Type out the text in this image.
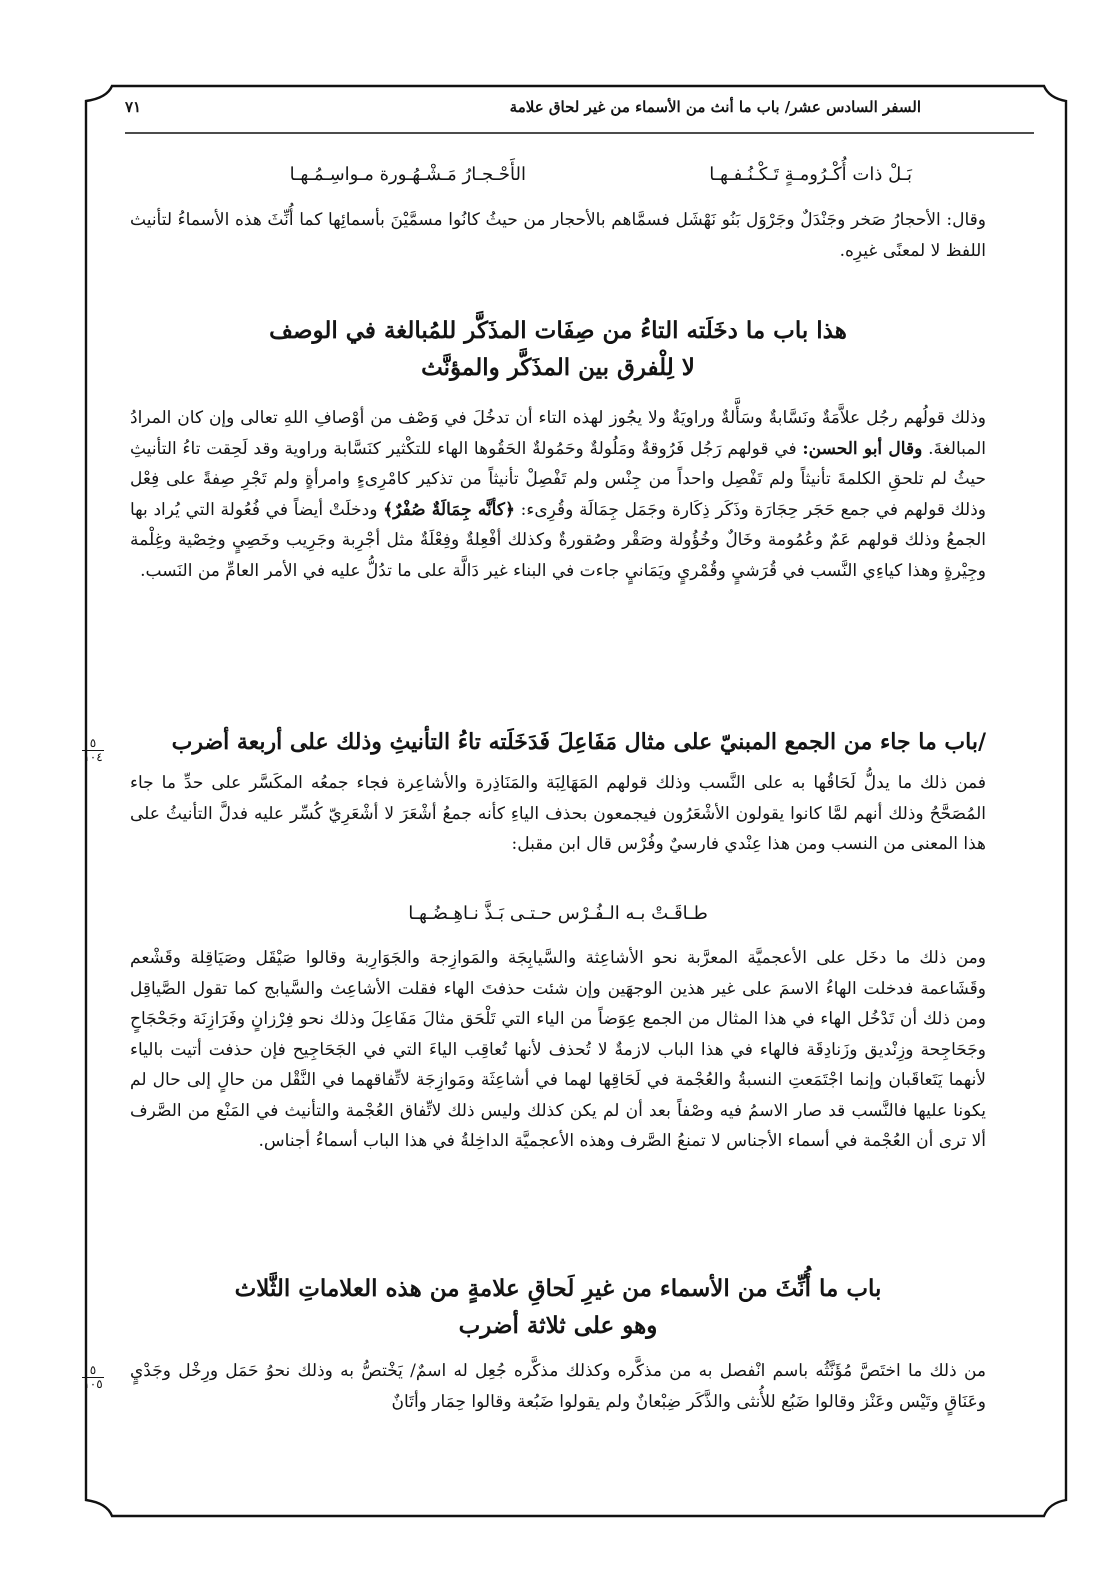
السفر السادس عشر/ باب ما أنث من الأسماء من غير لحاق علامة
٧١
بَـلْ ذات أُكْـرُومـةٍ تَـكْـنُـفـهـا
الأَحْـجـارُ مَـشْـهُـورة مـواسِـمُـهـا
وقال: الأحجارُ صَخر وجَنْدَلٌ وجَرْوَل بَنُو نَهْشَل فسمَّاهم بالأحجار من حيثُ كانُوا مسمَّيْنَ بأسمائِها كما أُنِّثَ هذه الأسماءُ لتأنيث اللفظ لا لمعنًى غيرِه.
هذا باب ما دخَلَته التاءُ من صِفَات المذَكَّر للمُبالغة في الوصف
لا لِلْفرق بين المذَكَّر والمؤنَّث
وذلك قولُهم رجُل علاَّمَةٌ ونَسَّابةٌ وسَأَّلةٌ وراويَةٌ ولا يجُوز لهذه التاء أن تدخُلَ في وَصْف من أوْصافِ اللهِ تعالى وإن كان المرادُ المبالغةَ. وقال أبو الحسن: في قولهم رَجُل فَرُوقةٌ ومَلُولةٌ وحَمُولةٌ الحَقُوها الهاء للتكْثير كنَسَّابة وراوية وقد لَحِقت تاءُ التأنيثِ حيثُ لم تلحقِ الكلمةَ تأنيثاً ولم تَفْصِل واحداً من جِنْس ولم تَفْصِلْ تأنيثاً من تذكير كامْرِىءٍ وامرأةٍ ولم تَجْرِ صِفةً على فِعْل وذلك قولهم في جمع حَجَر حِجَارَة وذَكَر ذِكَارة وجَمَل جِمَالَة وقُرِىء: ﴿كأنَّه جِمَالَةٌ صُفْرٌ﴾ ودخلَتْ أيضاً في فُعُولة التي يُراد بها الجمعُ وذلك قولهم عَمٌ وعُمُومة وخَالٌ وخُؤُولة وصَقْر وصُقورةٌ وكذلك أفْعِلةٌ وفِعْلَةٌ مثل أجْرِبة وجَرِيب وخَصِيٍ وخِصْية وغِلْمة وجِيْرةٍ وهذا كياءِي النَّسب في قُرَشيٍ وقُمْريٍ ويَمَانيٍ جاءت في البناء غير دَالَّة على ما تدُلُّ عليه في الأمر العامِّ من النَسب.
/باب ما جاء من الجمع المبنيّ على مثال مَفَاعِلَ فَدَخَلَته تاءُ التأنيثِ وذلك على أربعة أضرب
٥
١٠٤
فمن ذلك ما يدلُّ لَحَاقُها به على النَّسب وذلك قولهم المَهَالِبَة والمَنَاذِرة والأشاعِرة فجاء جمعُه المكَسَّر على حدِّ ما جاء المُصَحَّحُ وذلك أنهم لمَّا كانوا يقولون الأشْعَرُون فيجمعون بحذف الياءِ كأنه جمعُ أشْعَرَ لا أشْعَرِيّ كُسِّر عليه فدلَّ التأنيثُ على هذا المعنى من النسب ومن هذا عِنْدي فارسيٌ وفُرْس قال ابن مقبل:
طـاقَـتْ بـه الـفُـرْس حـتـى بَـذَّ نـاهِـضُـهـا
ومن ذلك ما دخَل على الأعجميَّة المعرَّبة نحو الأشاعِثة والسَّيابِجَة والمَوازِجة والجَوَارِبة وقالوا صَيْقَل وصَيَاقِلة وقَشْعم وقَشَاعمة فدخلت الهاءُ الاسمَ على غير هذين الوجهَين وإن شئت حذفتَ الهاء فقلت الأشاعِث والسَّيابج كما تقول الصَّياقِل ومن ذلك أن تَدْخُل الهاء في هذا المثال من الجمع عِوَضاً من الياء التي تَلْحَق مثالَ مَفَاعِلَ وذلك نحو فِرْزانٍ وفَرَازِنَة وجَحْجَاحٍ وجَحَاجِحة وزِنْديق وزَنادِقَة فالهاء في هذا الباب لازمةٌ لا تُحذف لأنها تُعاقِب الياءَ التي في الجَحَاجِيح فإن حذفت أتيت بالياء لأنهما يَتَعاقَبان وإنما اجْتَمَعتِ النسبةُ والعُجْمة في لَحَاقِها لهما في أشاعِثَة ومَوازِجَة لاتِّفاقهما في النَّقْل من حالٍ إلى حال لم يكونا عليها فالنَّسب قد صار الاسمُ فيه وصْفاً بعد أن لم يكن كذلك وليس ذلك لاتِّفاق العُجْمة والتأنيث في المَنْع من الصَّرف ألا ترى أن العُجْمة في أسماء الأجناس لا تمنعُ الصَّرف وهذه الأعجميَّة الداخِلةُ في هذا الباب أسماءُ أجناس.
باب ما أُنِّثَ من الأسماء من غيرِ لَحاقِ علامةٍ من هذه العلاماتِ الثَّلاث
وهو على ثلاثة أضرب
من ذلك ما اختَصَّ مُؤَنَّثُه باسم انْفصل به من مذكَّره وكذلك مذكَّره جُعِل له اسمٌ/ يَخْتصُّ به وذلك نحوُ حَمَل ورِخْل وجَدْيٍ وعَنَاقٍ وتَيْس وعَنْز وقالوا ضَبُع للأُنثى والذَّكَر ضِبْعانٌ ولم يقولوا ضَبُعة وقالوا حِمَار وأتَانٌ
٥
١٠٥
